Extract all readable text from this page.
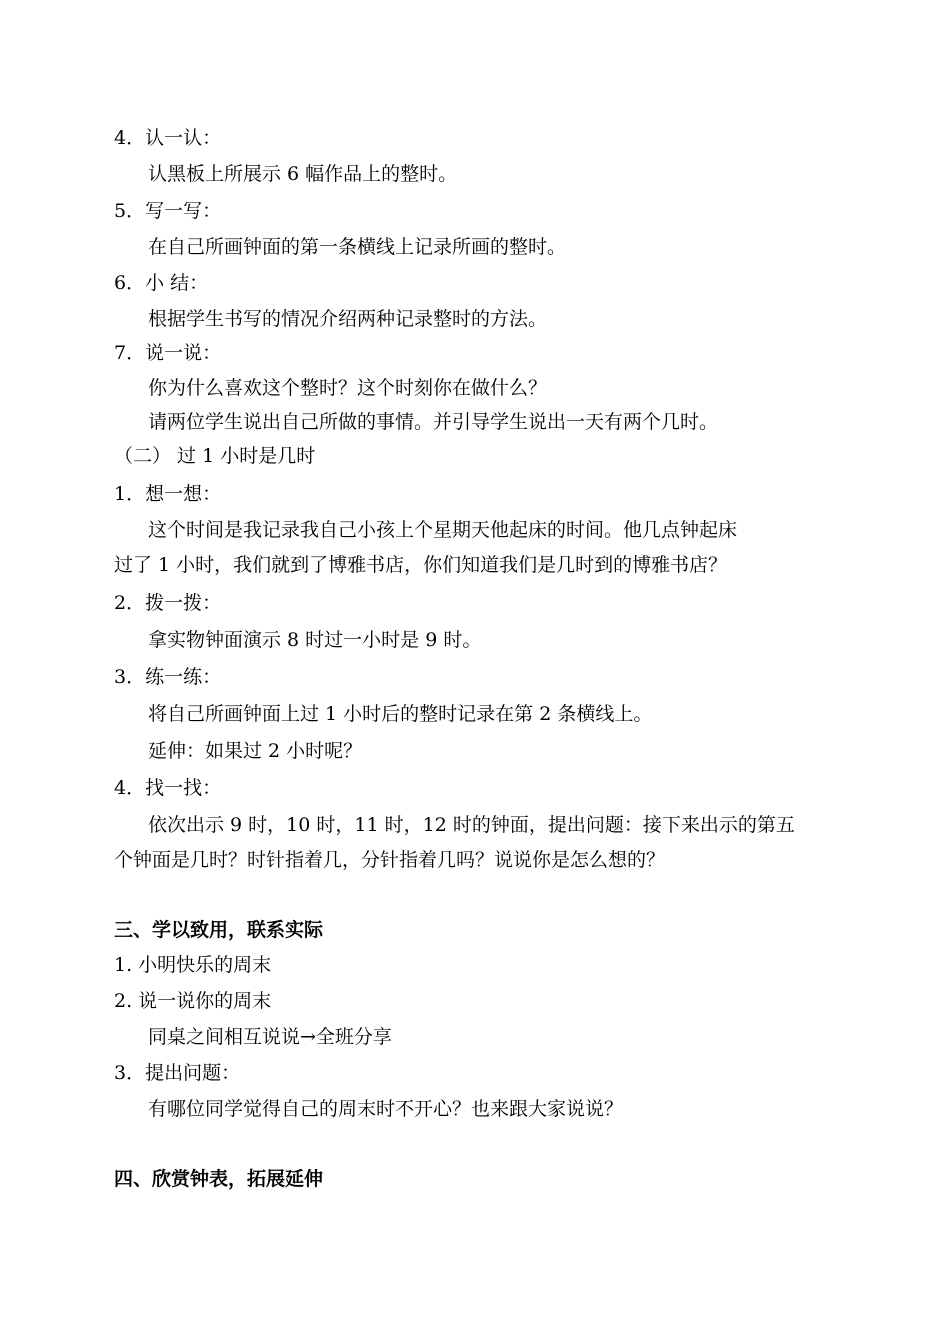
4．认一认：
认黑板上所展示 6 幅作品上的整时。
5．写一写：
在自己所画钟面的第一条横线上记录所画的整时。
6．小 结：
根据学生书写的情况介绍两种记录整时的方法。
7．说一说：
你为什么喜欢这个整时？这个时刻你在做什么？
请两位学生说出自己所做的事情。并引导学生说出一天有两个几时。
（二） 过 1 小时是几时
1．想一想：
这个时间是我记录我自己小孩上个星期天他起床的时间。他几点钟起床
过了 1 小时，我们就到了博雅书店，你们知道我们是几时到的博雅书店？
2．拨一拨：
拿实物钟面演示 8 时过一小时是 9 时。
3．练一练：
将自己所画钟面上过 1 小时后的整时记录在第 2 条横线上。
延伸：如果过 2 小时呢？
4．找一找：
依次出示 9 时，10 时，11 时，12 时的钟面，提出问题：接下来出示的第五
个钟面是几时？时针指着几，分针指着几吗？说说你是怎么想的？
三、学以致用，联系实际
1. 小明快乐的周末
2. 说一说你的周末
同桌之间相互说说→全班分享
3．提出问题：
有哪位同学觉得自己的周末时不开心？也来跟大家说说？
四、欣赏钟表，拓展延伸
